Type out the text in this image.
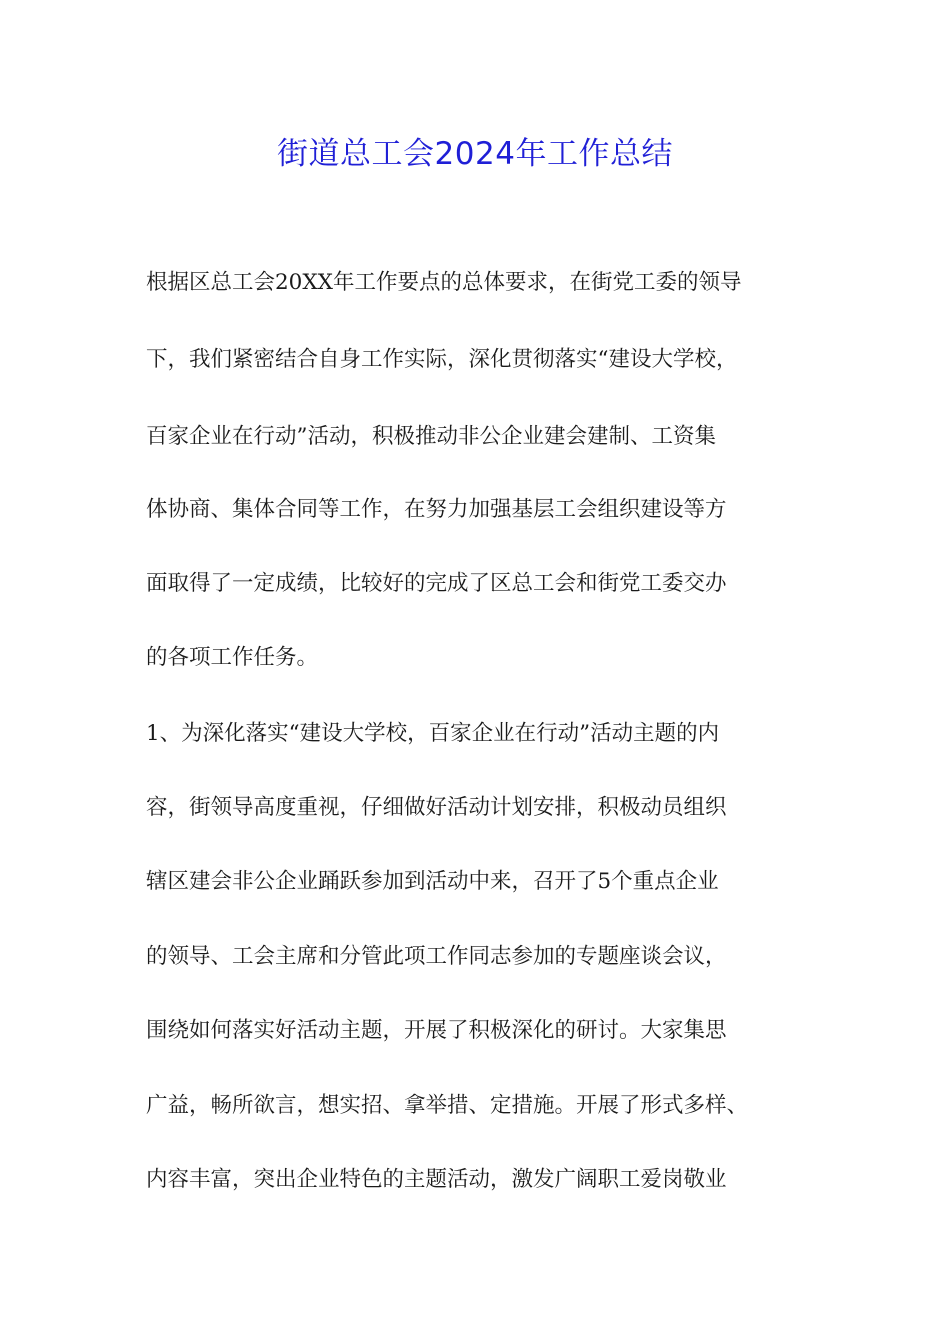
街道总工会2024年工作总结
根据区总工会20XX年工作要点的总体要求，在街党工委的领导
下，我们紧密结合自身工作实际，深化贯彻落实“建设大学校，
百家企业在行动”活动，积极推动非公企业建会建制、工资集
体协商、集体合同等工作，在努力加强基层工会组织建设等方
面取得了一定成绩，比较好的完成了区总工会和街党工委交办
的各项工作任务。
1、为深化落实“建设大学校，百家企业在行动”活动主题的内
容，街领导高度重视，仔细做好活动计划安排，积极动员组织
辖区建会非公企业踊跃参加到活动中来，召开了5个重点企业
的领导、工会主席和分管此项工作同志参加的专题座谈会议，
围绕如何落实好活动主题，开展了积极深化的研讨。大家集思
广益，畅所欲言，想实招、拿举措、定措施。开展了形式多样、
内容丰富，突出企业特色的主题活动，激发广阔职工爱岗敬业
